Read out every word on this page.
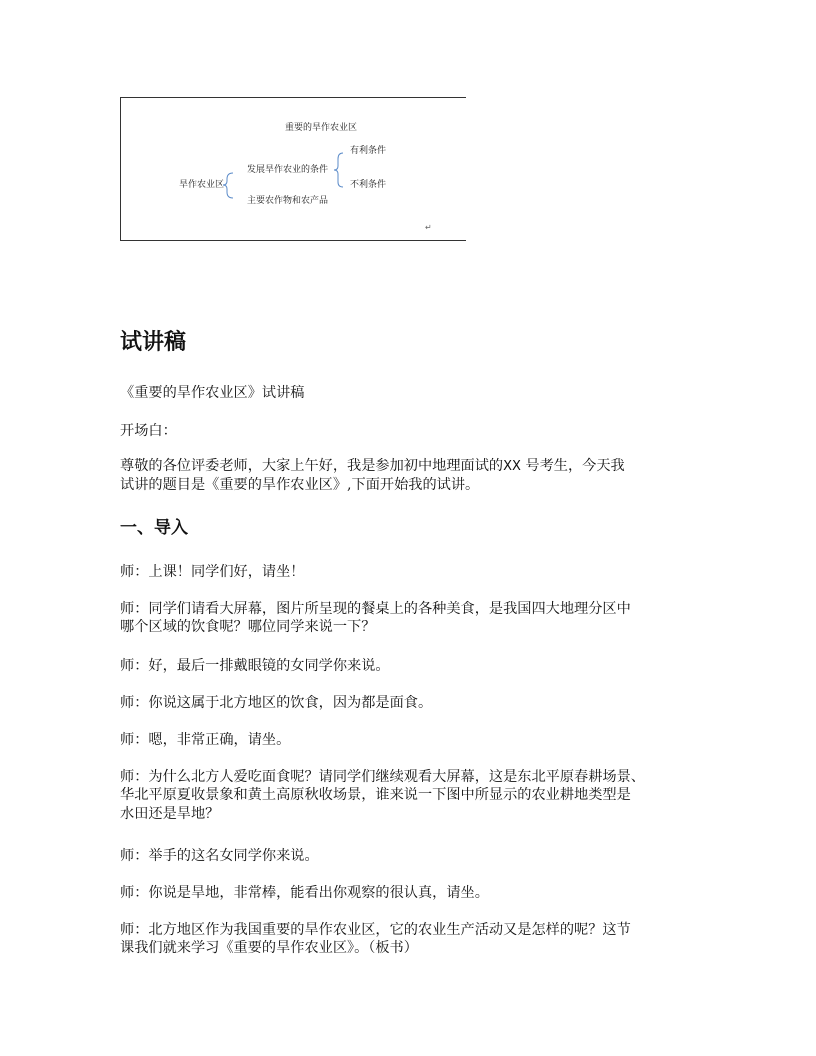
重要的旱作农业区
旱作农业区
发展旱作农业的条件
主要农作物和农产品
有利条件
不利条件
↵
试讲稿

《重要的旱作农业区》试讲稿

开场白：

尊敬的各位评委老师，大家上午好，我是参加初中地理面试的XX 号考生，今天我
试讲的题目是《重要的旱作农业区》,下面开始我的试讲。
一、导入

师：上课！同学们好，请坐！

师：同学们请看大屏幕，图片所呈现的餐桌上的各种美食，是我国四大地理分区中
哪个区域的饮食呢？哪位同学来说一下？

师：好，最后一排戴眼镜的女同学你来说。

师：你说这属于北方地区的饮食，因为都是面食。

师：嗯，非常正确，请坐。

师：为什么北方人爱吃面食呢？请同学们继续观看大屏幕，这是东北平原春耕场景、
华北平原夏收景象和黄土高原秋收场景，谁来说一下图中所显示的农业耕地类型是
水田还是旱地？

师：举手的这名女同学你来说。

师：你说是旱地，非常棒，能看出你观察的很认真，请坐。

师：北方地区作为我国重要的旱作农业区，它的农业生产活动又是怎样的呢？这节
课我们就来学习《重要的旱作农业区》。（板书）
